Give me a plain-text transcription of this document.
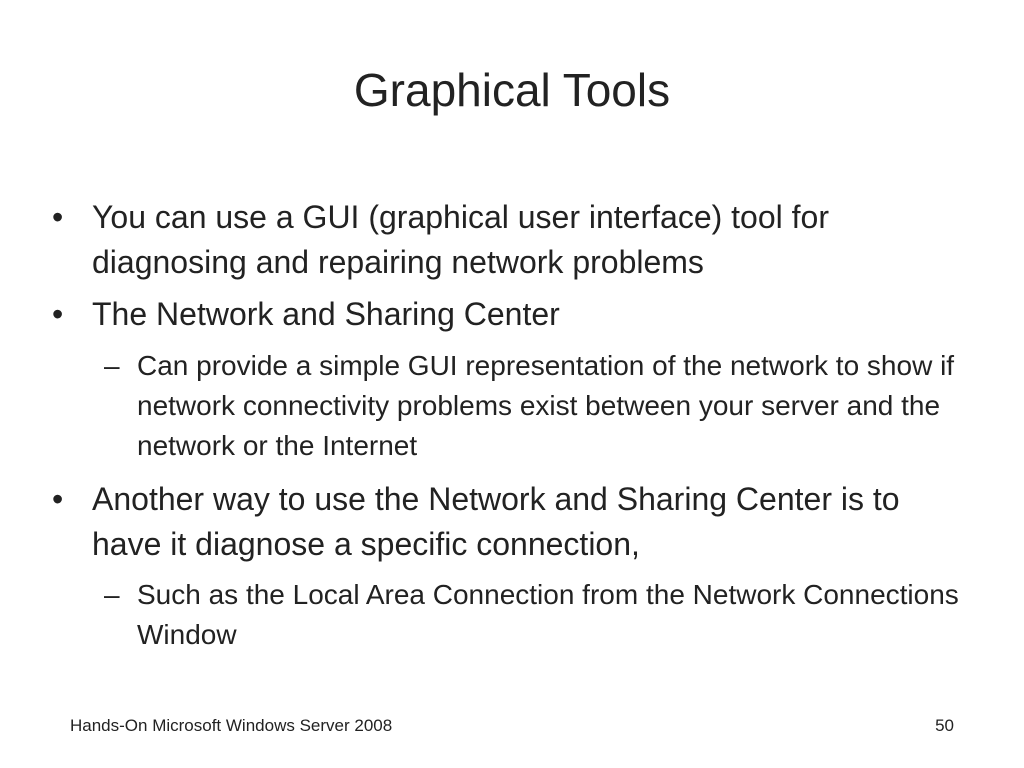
Graphical Tools
• You can use a GUI (graphical user interface) tool for diagnosing and repairing network problems
• The Network and Sharing Center
– Can provide a simple GUI representation of the network to show if network connectivity problems exist between your server and the network or the Internet
• Another way to use the Network and Sharing Center is to have it diagnose a specific connection,
– Such as the Local Area Connection from the Network Connections Window
Hands-On Microsoft Windows Server 2008	50
